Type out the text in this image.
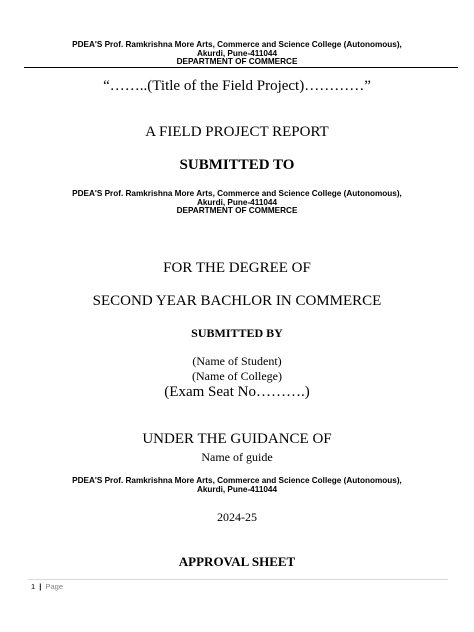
PDEA'S Prof. Ramkrishna More Arts, Commerce and Science College (Autonomous),
Akurdi, Pune-411044
DEPARTMENT OF COMMERCE
“……..(Title of the Field Project)…………”
A FIELD PROJECT REPORT
SUBMITTED TO
PDEA'S Prof. Ramkrishna More Arts, Commerce and Science College (Autonomous),
Akurdi, Pune-411044
DEPARTMENT OF COMMERCE
FOR THE DEGREE OF
SECOND YEAR BACHLOR IN COMMERCE
SUBMITTED BY
(Name of Student)
(Name of College)
(Exam Seat No……….)
UNDER THE GUIDANCE OF
Name of guide
PDEA'S Prof. Ramkrishna More Arts, Commerce and Science College (Autonomous),
Akurdi, Pune-411044
2024-25
APPROVAL SHEET
1 | Page
